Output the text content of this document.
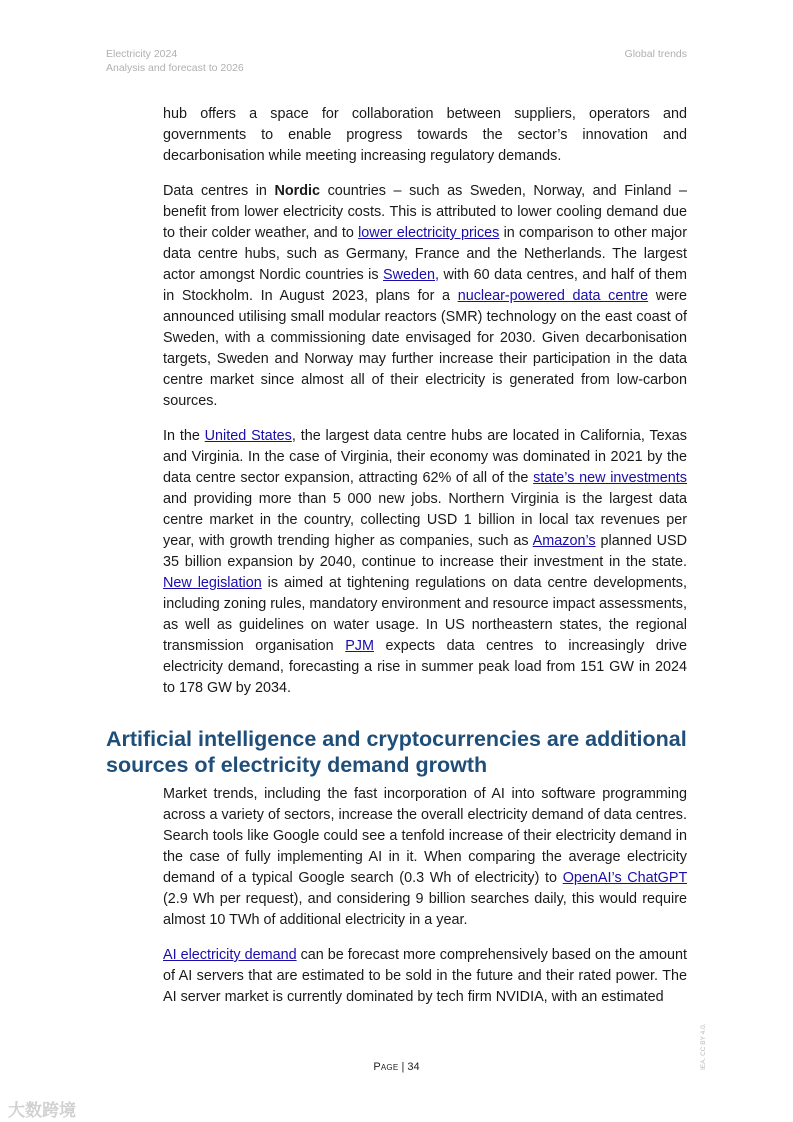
Electricity 2024
Analysis and forecast to 2026
Global trends

hub offers a space for collaboration between suppliers, operators and governments to enable progress towards the sector’s innovation and decarbonisation while meeting increasing regulatory demands.

Data centres in Nordic countries – such as Sweden, Norway, and Finland – benefit from lower electricity costs. This is attributed to lower cooling demand due to their colder weather, and to lower electricity prices in comparison to other major data centre hubs, such as Germany, France and the Netherlands. The largest actor amongst Nordic countries is Sweden, with 60 data centres, and half of them in Stockholm. In August 2023, plans for a nuclear-powered data centre were announced utilising small modular reactors (SMR) technology on the east coast of Sweden, with a commissioning date envisaged for 2030. Given decarbonisation targets, Sweden and Norway may further increase their participation in the data centre market since almost all of their electricity is generated from low-carbon sources.

In the United States, the largest data centre hubs are located in California, Texas and Virginia. In the case of Virginia, their economy was dominated in 2021 by the data centre sector expansion, attracting 62% of all of the state’s new investments and providing more than 5 000 new jobs. Northern Virginia is the largest data centre market in the country, collecting USD 1 billion in local tax revenues per year, with growth trending higher as companies, such as Amazon’s planned USD 35 billion expansion by 2040, continue to increase their investment in the state. New legislation is aimed at tightening regulations on data centre developments, including zoning rules, mandatory environment and resource impact assessments, as well as guidelines on water usage. In US northeastern states, the regional transmission organisation PJM expects data centres to increasingly drive electricity demand, forecasting a rise in summer peak load from 151 GW in 2024 to 178 GW by 2034.

Artificial intelligence and cryptocurrencies are additional sources of electricity demand growth

Market trends, including the fast incorporation of AI into software programming across a variety of sectors, increase the overall electricity demand of data centres. Search tools like Google could see a tenfold increase of their electricity demand in the case of fully implementing AI in it. When comparing the average electricity demand of a typical Google search (0.3 Wh of electricity) to OpenAI’s ChatGPT (2.9 Wh per request), and considering 9 billion searches daily, this would require almost 10 TWh of additional electricity in a year.

AI electricity demand can be forecast more comprehensively based on the amount of AI servers that are estimated to be sold in the future and their rated power. The AI server market is currently dominated by tech firm NVIDIA, with an estimated

Page | 34	IEA. CC BY 4.0.
大数跨境
